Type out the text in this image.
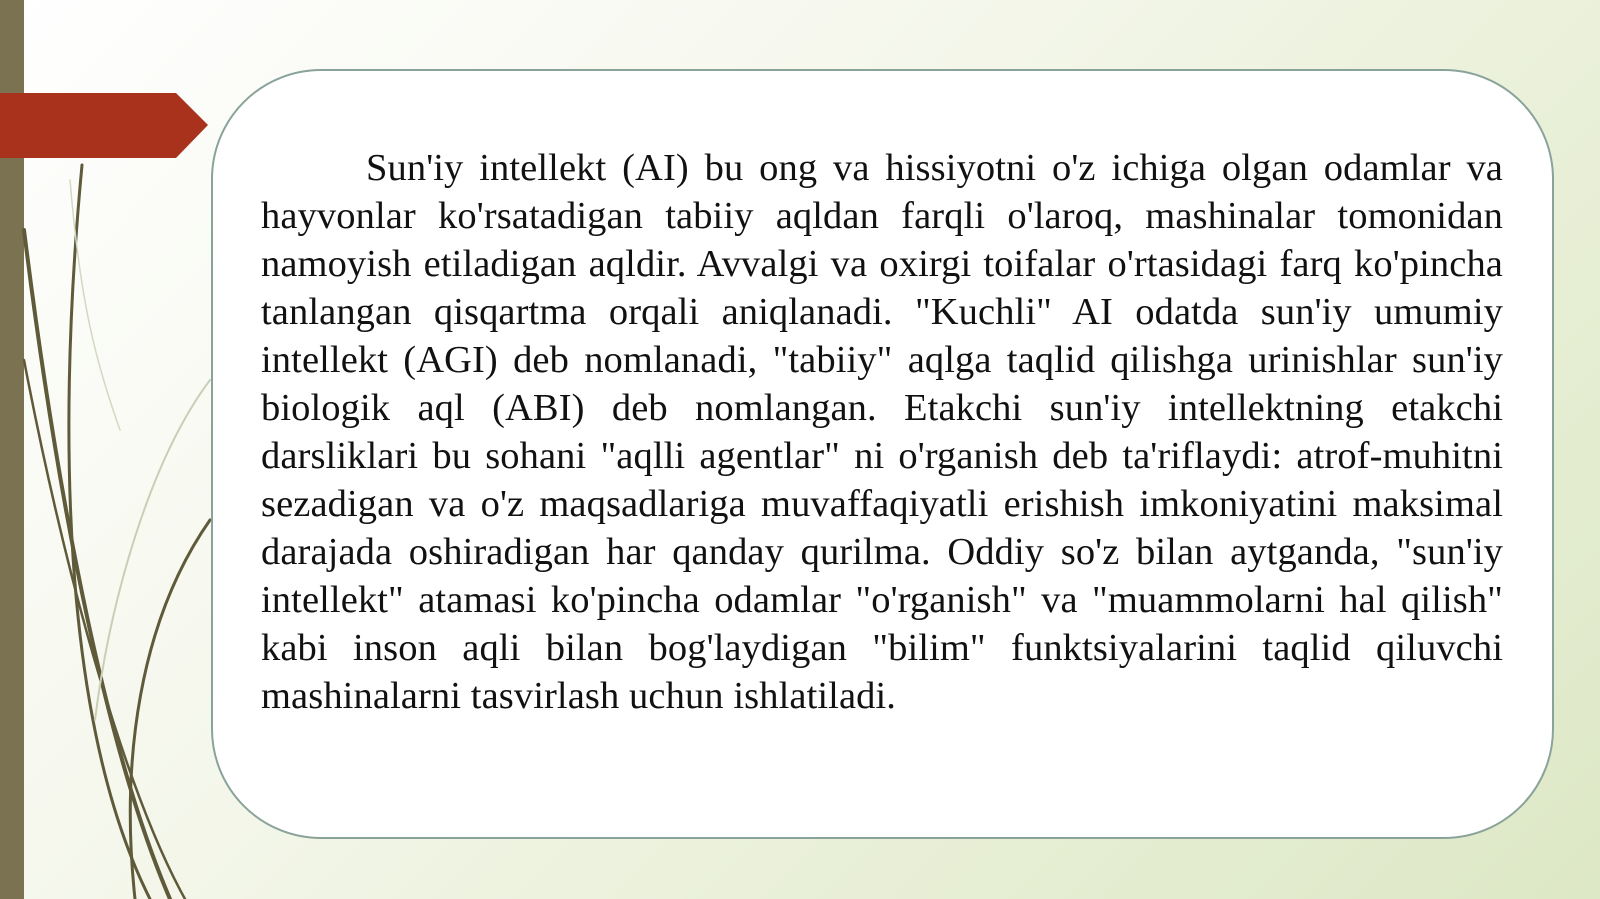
Sun'iy intellekt (AI) bu ong va hissiyotni o'z ichiga olgan odamlar va hayvonlar ko'rsatadigan tabiiy aqldan farqli o'laroq, mashinalar tomonidan namoyish etiladigan aqldir. Avvalgi va oxirgi toifalar o'rtasidagi farq ko'pincha tanlangan qisqartma orqali aniqlanadi. "Kuchli" AI odatda sun'iy umumiy intellekt (AGI) deb nomlanadi, "tabiiy" aqlga taqlid qilishga urinishlar sun'iy biologik aql (ABI) deb nomlangan. Etakchi sun'iy intellektning etakchi darsliklari bu sohani "aqlli agentlar" ni o'rganish deb ta'riflaydi: atrof-muhitni sezadigan va o'z maqsadlariga muvaffaqiyatli erishish imkoniyatini maksimal darajada oshiradigan har qanday qurilma. Oddiy so'z bilan aytganda, "sun'iy intellekt" atamasi ko'pincha odamlar "o'rganish" va "muammolarni hal qilish" kabi inson aqli bilan bog'laydigan "bilim" funktsiyalarini taqlid qiluvchi mashinalarni tasvirlash uchun ishlatiladi.
